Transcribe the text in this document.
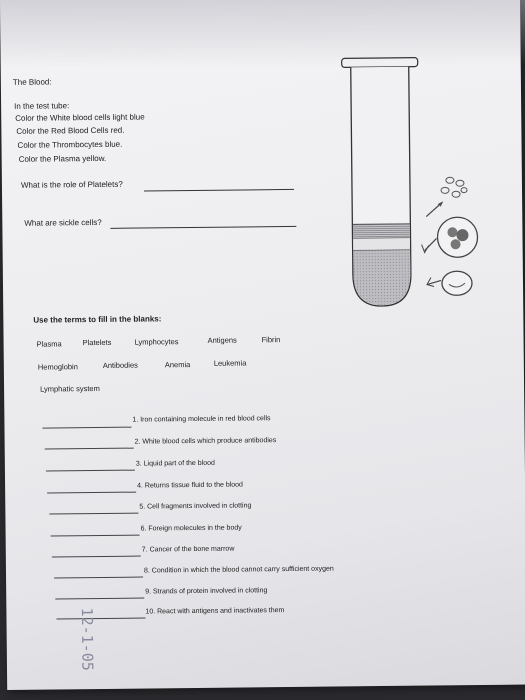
The Blood:
In the test tube:
Color the White blood cells light blue
Color the Red Blood Cells red.
Color the Thrombocytes blue.
Color the Plasma yellow.
What is the role of Platelets?
What are sickle cells?
Use the terms to fill in the blanks:
Plasma	Platelets	Lymphocytes	Antigens	Fibrin
Hemoglobin	Antibodies	Anemia	Leukemia
Lymphatic system
1. Iron containing molecule in red blood cells
2. White blood cells which produce antibodies
3. Liquid part of the blood
4. Returns tissue fluid to the blood
5. Cell fragments involved in clotting
6. Foreign molecules in the body
7. Cancer of the bone marrow
8. Condition in which the blood cannot carry sufficient oxygen
9. Strands of protein involved in clotting
10. React with antigens and inactivates them
12-1-05
